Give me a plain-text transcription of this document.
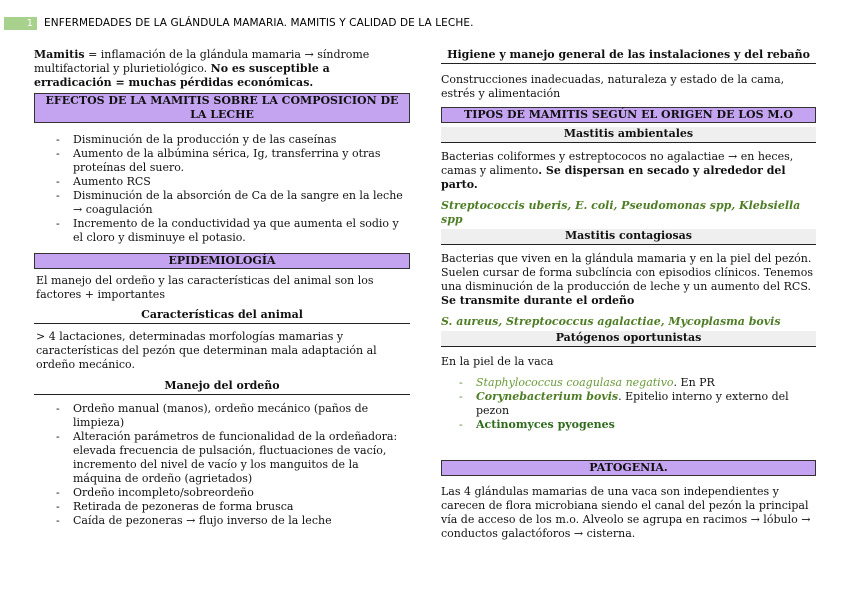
1	ENFERMEDADES DE LA GLÁNDULA MAMARIA. MAMITIS Y CALIDAD DE LA LECHE.

Mamitis = inflamación de la glándula mamaria → síndrome multifactorial y plurietiológico. No es susceptible a erradicación = muchas pérdidas económicas.

EFECTOS DE LA MAMITIS SOBRE LA COMPOSICION DE LA LECHE
- Disminución de la producción y de las caseínas
- Aumento de la albúmina sérica, Ig, transferrina y otras proteínas del suero.
- Aumento RCS
- Disminución de la absorción de Ca de la sangre en la leche → coagulación
- Incremento de la conductividad ya que aumenta el sodio y el cloro y disminuye el potasio.
EPIDEMIOLOGÍA

El manejo del ordeño y las características del animal son los factores + importantes

Características del animal

> 4 lactaciones, determinadas morfologías mamarias y características del pezón que determinan mala adaptación al ordeño mecánico.

Manejo del ordeño
- Ordeño manual (manos), ordeño mecánico (paños de limpieza)
- Alteración parámetros de funcionalidad de la ordeñadora: elevada frecuencia de pulsación, fluctuaciones de vacío, incremento del nivel de vacío y los manguitos de la máquina de ordeño (agrietados)
- Ordeño incompleto/sobreordeño
- Retirada de pezoneras de forma brusca
- Caída de pezoneras → flujo inverso de la leche
Higiene y manejo general de las instalaciones y del rebaño

Construcciones inadecuadas, naturaleza y estado de la cama, estrés y alimentación

TIPOS DE MAMITIS SEGÚN EL ORIGEN DE LOS M.O
Mastitis ambientales

Bacterias coliformes y estreptococos no agalactiae → en heces, camas y alimento. Se dispersan en secado y alrededor del parto.

Streptococcis uberis, E. coli, Pseudomonas spp, Klebsiella spp

Mastitis contagiosas

Bacterias que viven en la glándula mamaria y en la piel del pezón. Suelen cursar de forma subclíncia con episodios clínicos. Tenemos una disminución de la producción de leche y un aumento del RCS. Se transmite durante el ordeño

S. aureus, Streptococcus agalactiae, Mycoplasma bovis

Patógenos oportunistas

En la piel de la vaca

- Staphylococcus coagulasa negativo. En PR
- Corynebacterium bovis. Epitelio interno y externo del pezon
- Actinomyces pyogenes
PATOGENIA.

Las 4 glándulas mamarias de una vaca son independientes y carecen de flora microbiana siendo el canal del pezón la principal vía de acceso de los m.o. Alveolo se agrupa en racimos → lóbulo → conductos galactóforos → cisterna.
